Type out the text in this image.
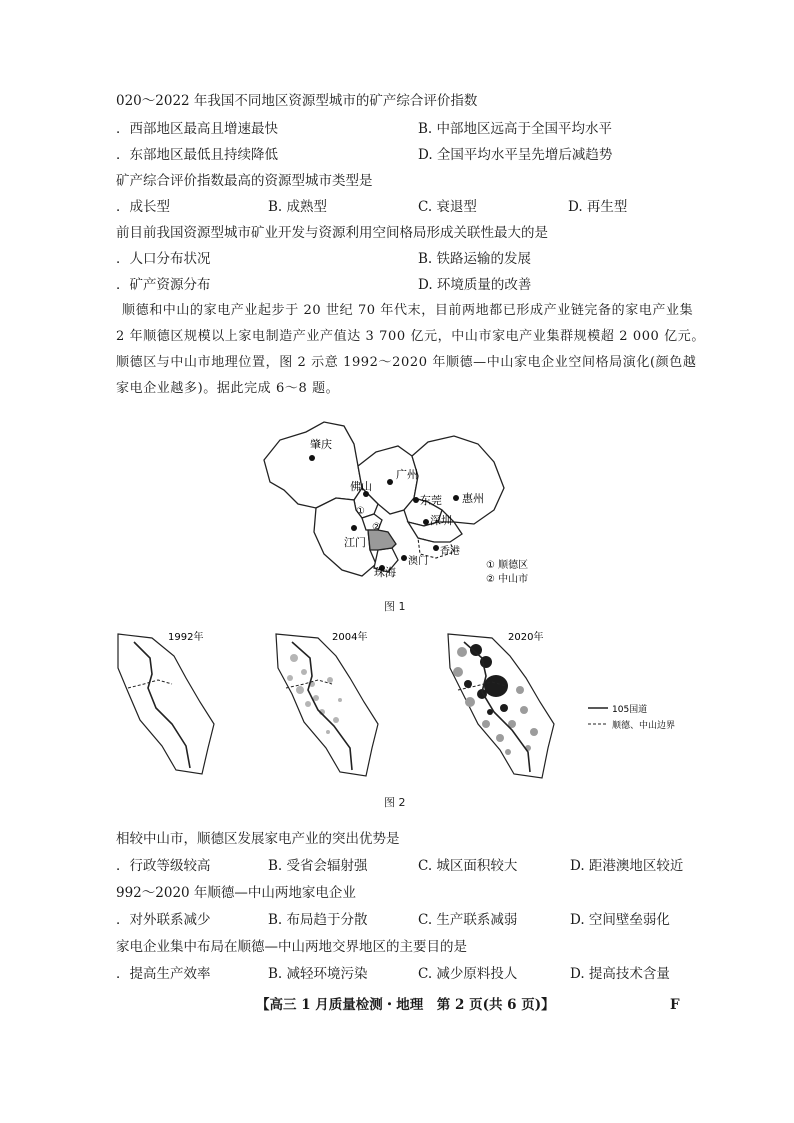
020～2022 年我国不同地区资源型城市的矿产综合评价指数
．西部地区最高且增速最快	B. 中部地区远高于全国平均水平
．东部地区最低且持续降低	D. 全国平均水平呈先增后减趋势
矿产综合评价指数最高的资源型城市类型是
．成长型	B. 成熟型	C. 衰退型	D. 再生型
前目前我国资源型城市矿业开发与资源利用空间格局形成关联性最大的是
．人口分布状况	B. 铁路运输的发展
．矿产资源分布	D. 环境质量的改善
顺德和中山的家电产业起步于 20 世纪 70 年代末，目前两地都已形成产业链完备的家电产业集
2 年顺德区规模以上家电制造产业产值达 3 700 亿元，中山市家电产业集群规模超 2 000 亿元。
顺德区与中山市地理位置，图 2 示意 1992～2020 年顺德—中山家电企业空间格局演化(颜色越
家电企业越多)。据此完成 6～8 题。
肇庆
广州
佛山
东莞 惠州
深圳
江门
香港
澳门
珠海
①
②
① 顺德区
② 中山市
图 1
1992年	2004年	2020年
105国道
顺德、中山边界
图 2
相较中山市，顺德区发展家电产业的突出优势是
．行政等级较高	B. 受省会辐射强	C. 城区面积较大	D. 距港澳地区较近
992～2020 年顺德—中山两地家电企业
．对外联系减少	B. 布局趋于分散	C. 生产联系减弱	D. 空间壁垒弱化
家电企业集中布局在顺德—中山两地交界地区的主要目的是
．提高生产效率	B. 减轻环境污染	C. 减少原料投人	D. 提高技术含量
【高三 1 月质量检测・地理　第 2 页(共 6 页)】	F
